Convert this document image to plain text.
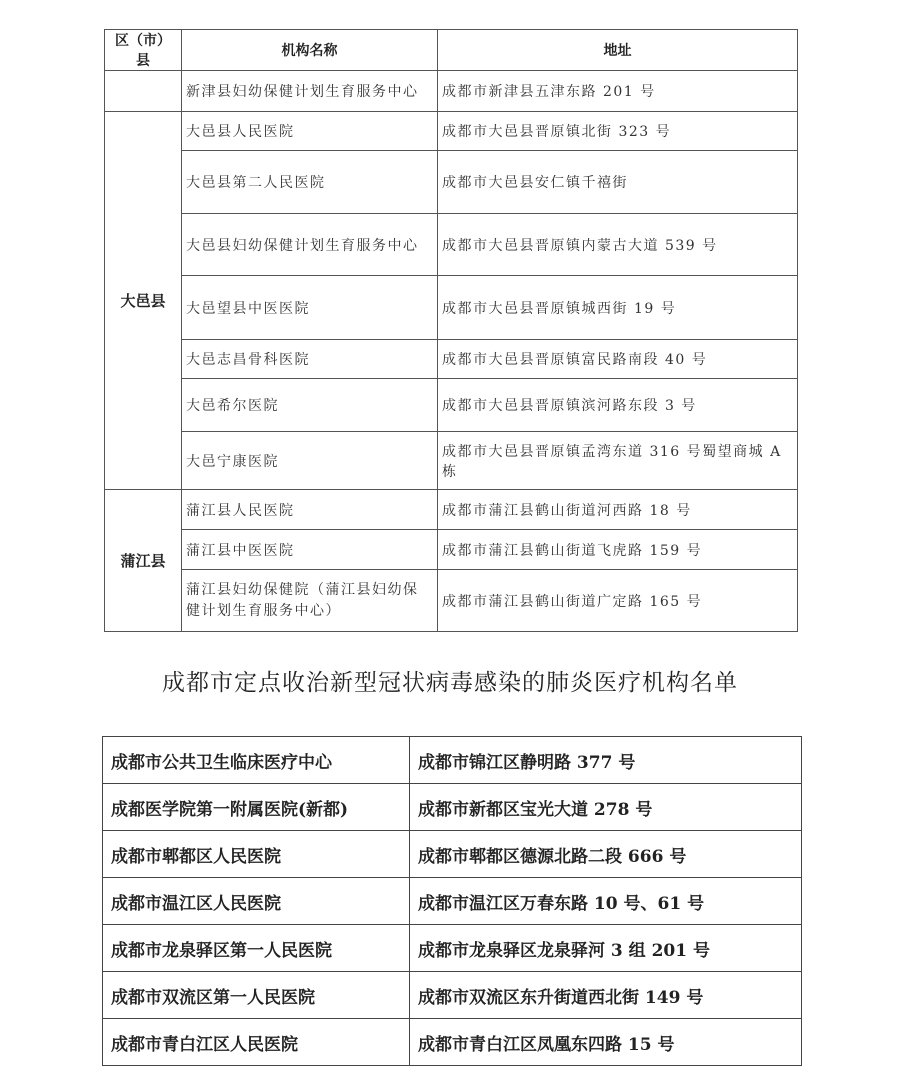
区（市）县	机构名称	地址
	新津县妇幼保健计划生育服务中心	成都市新津县五津东路 201 号
大邑县	大邑县人民医院	成都市大邑县晋原镇北街 323 号
	大邑县第二人民医院	成都市大邑县安仁镇千禧街
	大邑县妇幼保健计划生育服务中心	成都市大邑县晋原镇内蒙古大道 539 号
	大邑望县中医医院	成都市大邑县晋原镇城西街 19 号
	大邑志昌骨科医院	成都市大邑县晋原镇富民路南段 40 号
	大邑希尔医院	成都市大邑县晋原镇滨河路东段 3 号
	大邑宁康医院	成都市大邑县晋原镇孟湾东道 316 号蜀望商城 A 栋
蒲江县	蒲江县人民医院	成都市蒲江县鹤山街道河西路 18 号
	蒲江县中医医院	成都市蒲江县鹤山街道飞虎路 159 号
	蒲江县妇幼保健院（蒲江县妇幼保健计划生育服务中心）	成都市蒲江县鹤山街道广定路 165 号
成都市定点收治新型冠状病毒感染的肺炎医疗机构名单
成都市公共卫生临床医疗中心	成都市锦江区静明路 377 号
成都医学院第一附属医院(新都)	成都市新都区宝光大道 278 号
成都市郫都区人民医院	成都市郫都区德源北路二段 666 号
成都市温江区人民医院	成都市温江区万春东路 10 号、61 号
成都市龙泉驿区第一人民医院	成都市龙泉驿区龙泉驿河 3 组 201 号
成都市双流区第一人民医院	成都市双流区东升街道西北街 149 号
成都市青白江区人民医院	成都市青白江区凤凰东四路 15 号
